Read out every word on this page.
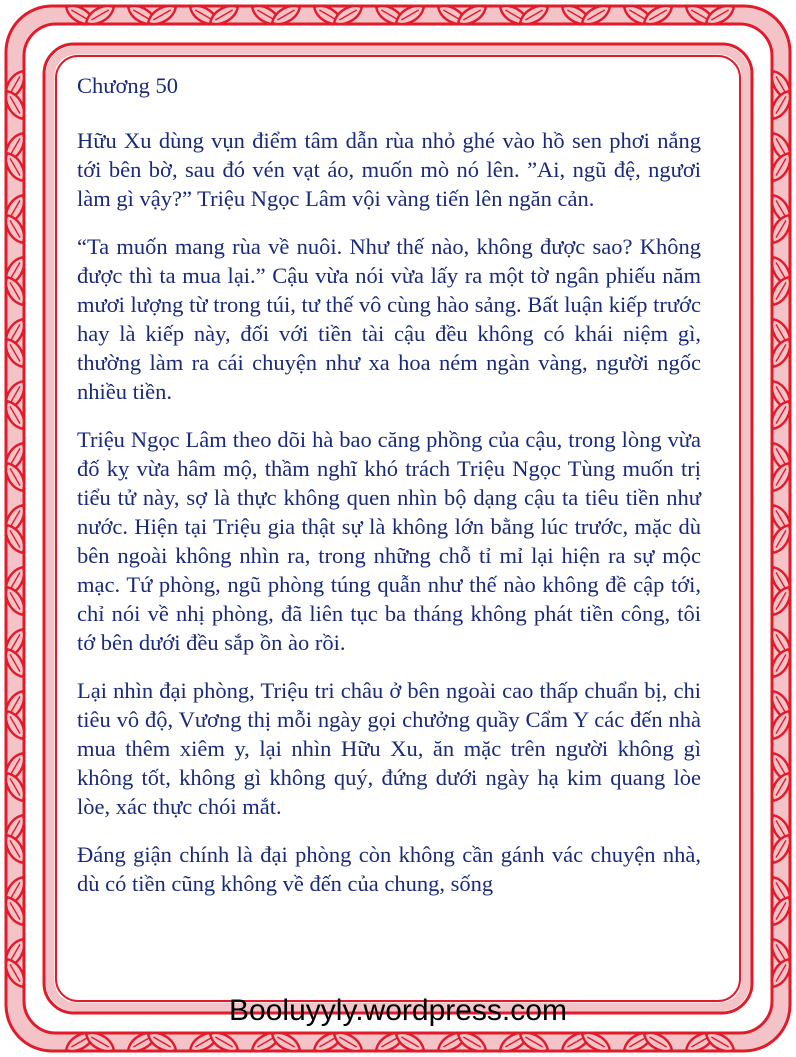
Chương 50

Hữu Xu dùng vụn điểm tâm dẫn rùa nhỏ ghé vào hồ sen phơi nắng tới bên bờ, sau đó vén vạt áo, muốn mò nó lên. ”Ai, ngũ đệ, ngươi làm gì vậy?” Triệu Ngọc Lâm vội vàng tiến lên ngăn cản.

“Ta muốn mang rùa về nuôi. Như thế nào, không được sao? Không được thì ta mua lại.” Cậu vừa nói vừa lấy ra một tờ ngân phiếu năm mươi lượng từ trong túi, tư thế vô cùng hào sảng. Bất luận kiếp trước hay là kiếp này, đối với tiền tài cậu đều không có khái niệm gì, thường làm ra cái chuyện như xa hoa ném ngàn vàng, người ngốc nhiều tiền.

Triệu Ngọc Lâm theo dõi hà bao căng phồng của cậu, trong lòng vừa đố kỵ vừa hâm mộ, thầm nghĩ khó trách Triệu Ngọc Tùng muốn trị tiểu tử này, sợ là thực không quen nhìn bộ dạng cậu ta tiêu tiền như nước. Hiện tại Triệu gia thật sự là không lớn bằng lúc trước, mặc dù bên ngoài không nhìn ra, trong những chỗ tỉ mỉ lại hiện ra sự mộc mạc. Tứ phòng, ngũ phòng túng quẫn như thế nào không đề cập tới, chỉ nói về nhị phòng, đã liên tục ba tháng không phát tiền công, tôi tớ bên dưới đều sắp ồn ào rồi.

Lại nhìn đại phòng, Triệu tri châu ở bên ngoài cao thấp chuẩn bị, chi tiêu vô độ, Vương thị mỗi ngày gọi chưởng quầy Cẩm Y các đến nhà mua thêm xiêm y, lại nhìn Hữu Xu, ăn mặc trên người không gì không tốt, không gì không quý, đứng dưới ngày hạ kim quang lòe lòe, xác thực chói mắt.

Đáng giận chính là đại phòng còn không cần gánh vác chuyện nhà, dù có tiền cũng không về đến của chung, sống

Booluyyly.wordpress.com
